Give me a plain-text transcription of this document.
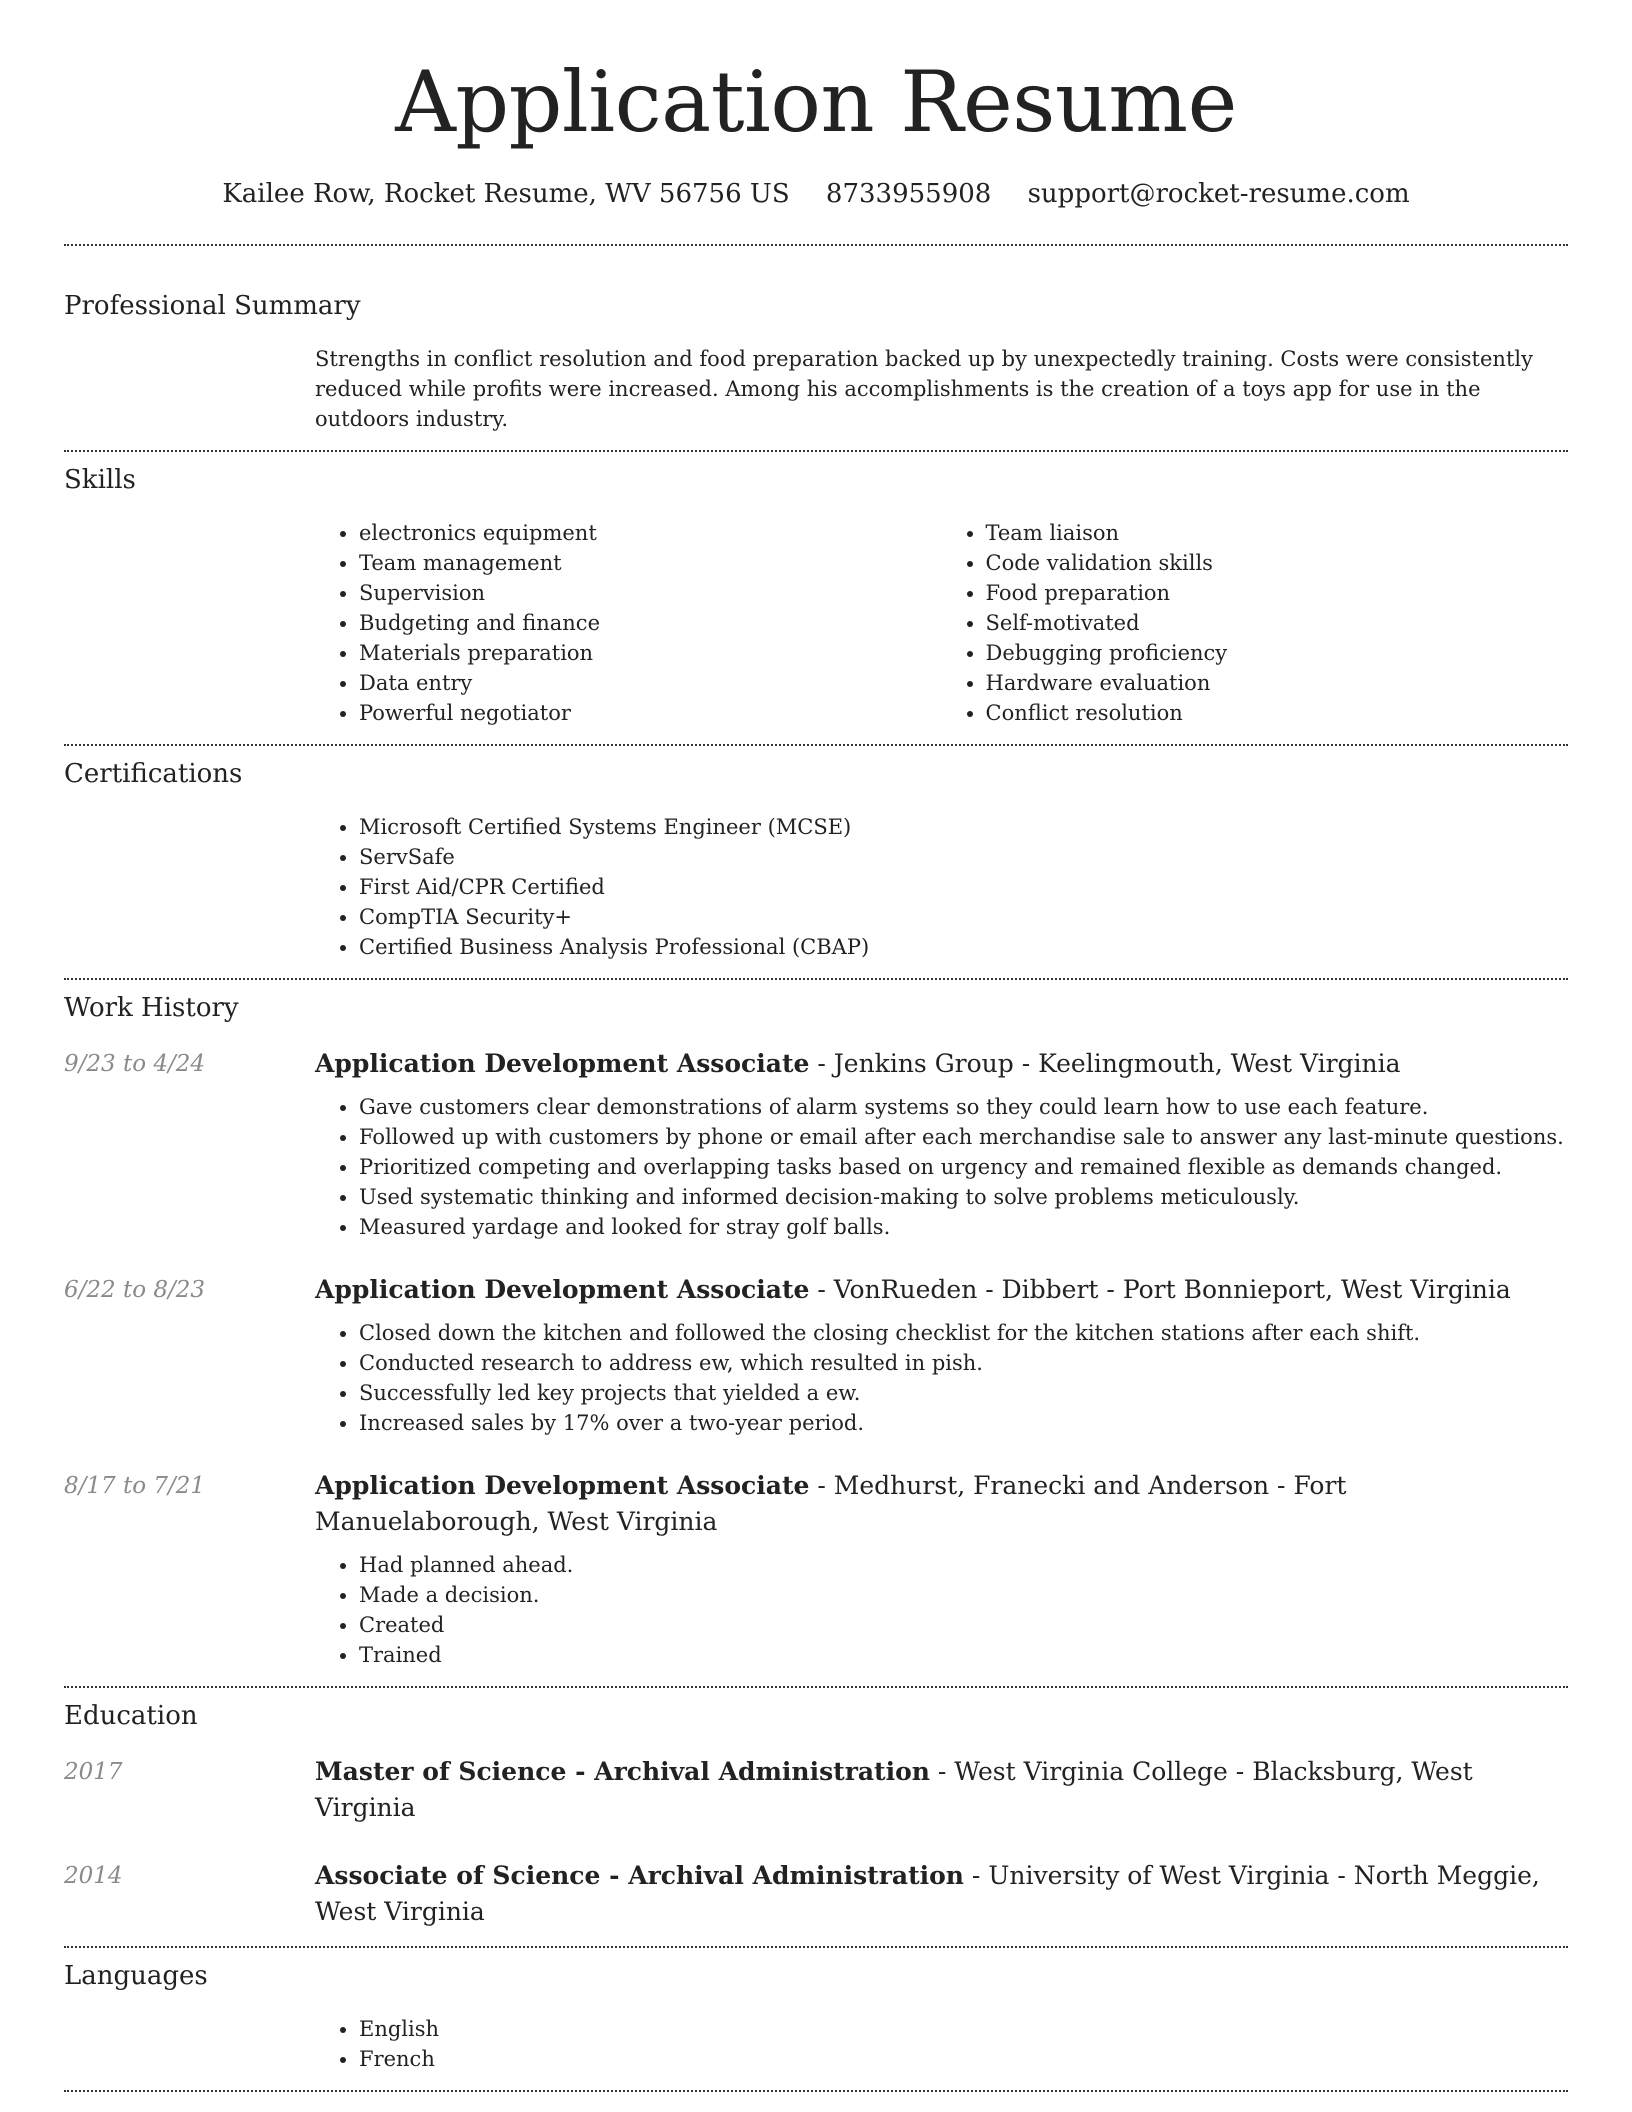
Application Resume
Kailee Row, Rocket Resume, WV 56756 US 8733955908 support@rocket-resume.com
Professional Summary
Strengths in conflict resolution and food preparation backed up by unexpectedly training. Costs were consistently reduced while profits were increased. Among his accomplishments is the creation of a toys app for use in the outdoors industry.
Skills
• electronics equipment
• Team management
• Supervision
• Budgeting and finance
• Materials preparation
• Data entry
• Powerful negotiator
• Team liaison
• Code validation skills
• Food preparation
• Self-motivated
• Debugging proficiency
• Hardware evaluation
• Conflict resolution
Certifications
• Microsoft Certified Systems Engineer (MCSE)
• ServSafe
• First Aid/CPR Certified
• CompTIA Security+
• Certified Business Analysis Professional (CBAP)
Work History
9/23 to 4/24	Application Development Associate - Jenkins Group - Keelingmouth, West Virginia
• Gave customers clear demonstrations of alarm systems so they could learn how to use each feature.
• Followed up with customers by phone or email after each merchandise sale to answer any last-minute questions.
• Prioritized competing and overlapping tasks based on urgency and remained flexible as demands changed.
• Used systematic thinking and informed decision-making to solve problems meticulously.
• Measured yardage and looked for stray golf balls.
6/22 to 8/23	Application Development Associate - VonRueden - Dibbert - Port Bonnieport, West Virginia
• Closed down the kitchen and followed the closing checklist for the kitchen stations after each shift.
• Conducted research to address ew, which resulted in pish.
• Successfully led key projects that yielded a ew.
• Increased sales by 17% over a two-year period.
8/17 to 7/21	Application Development Associate - Medhurst, Franecki and Anderson - Fort Manuelaborough, West Virginia
• Had planned ahead.
• Made a decision.
• Created
• Trained
Education
2017	Master of Science - Archival Administration - West Virginia College - Blacksburg, West Virginia
2014	Associate of Science - Archival Administration - University of West Virginia - North Meggie, West Virginia
Languages
• English
• French
